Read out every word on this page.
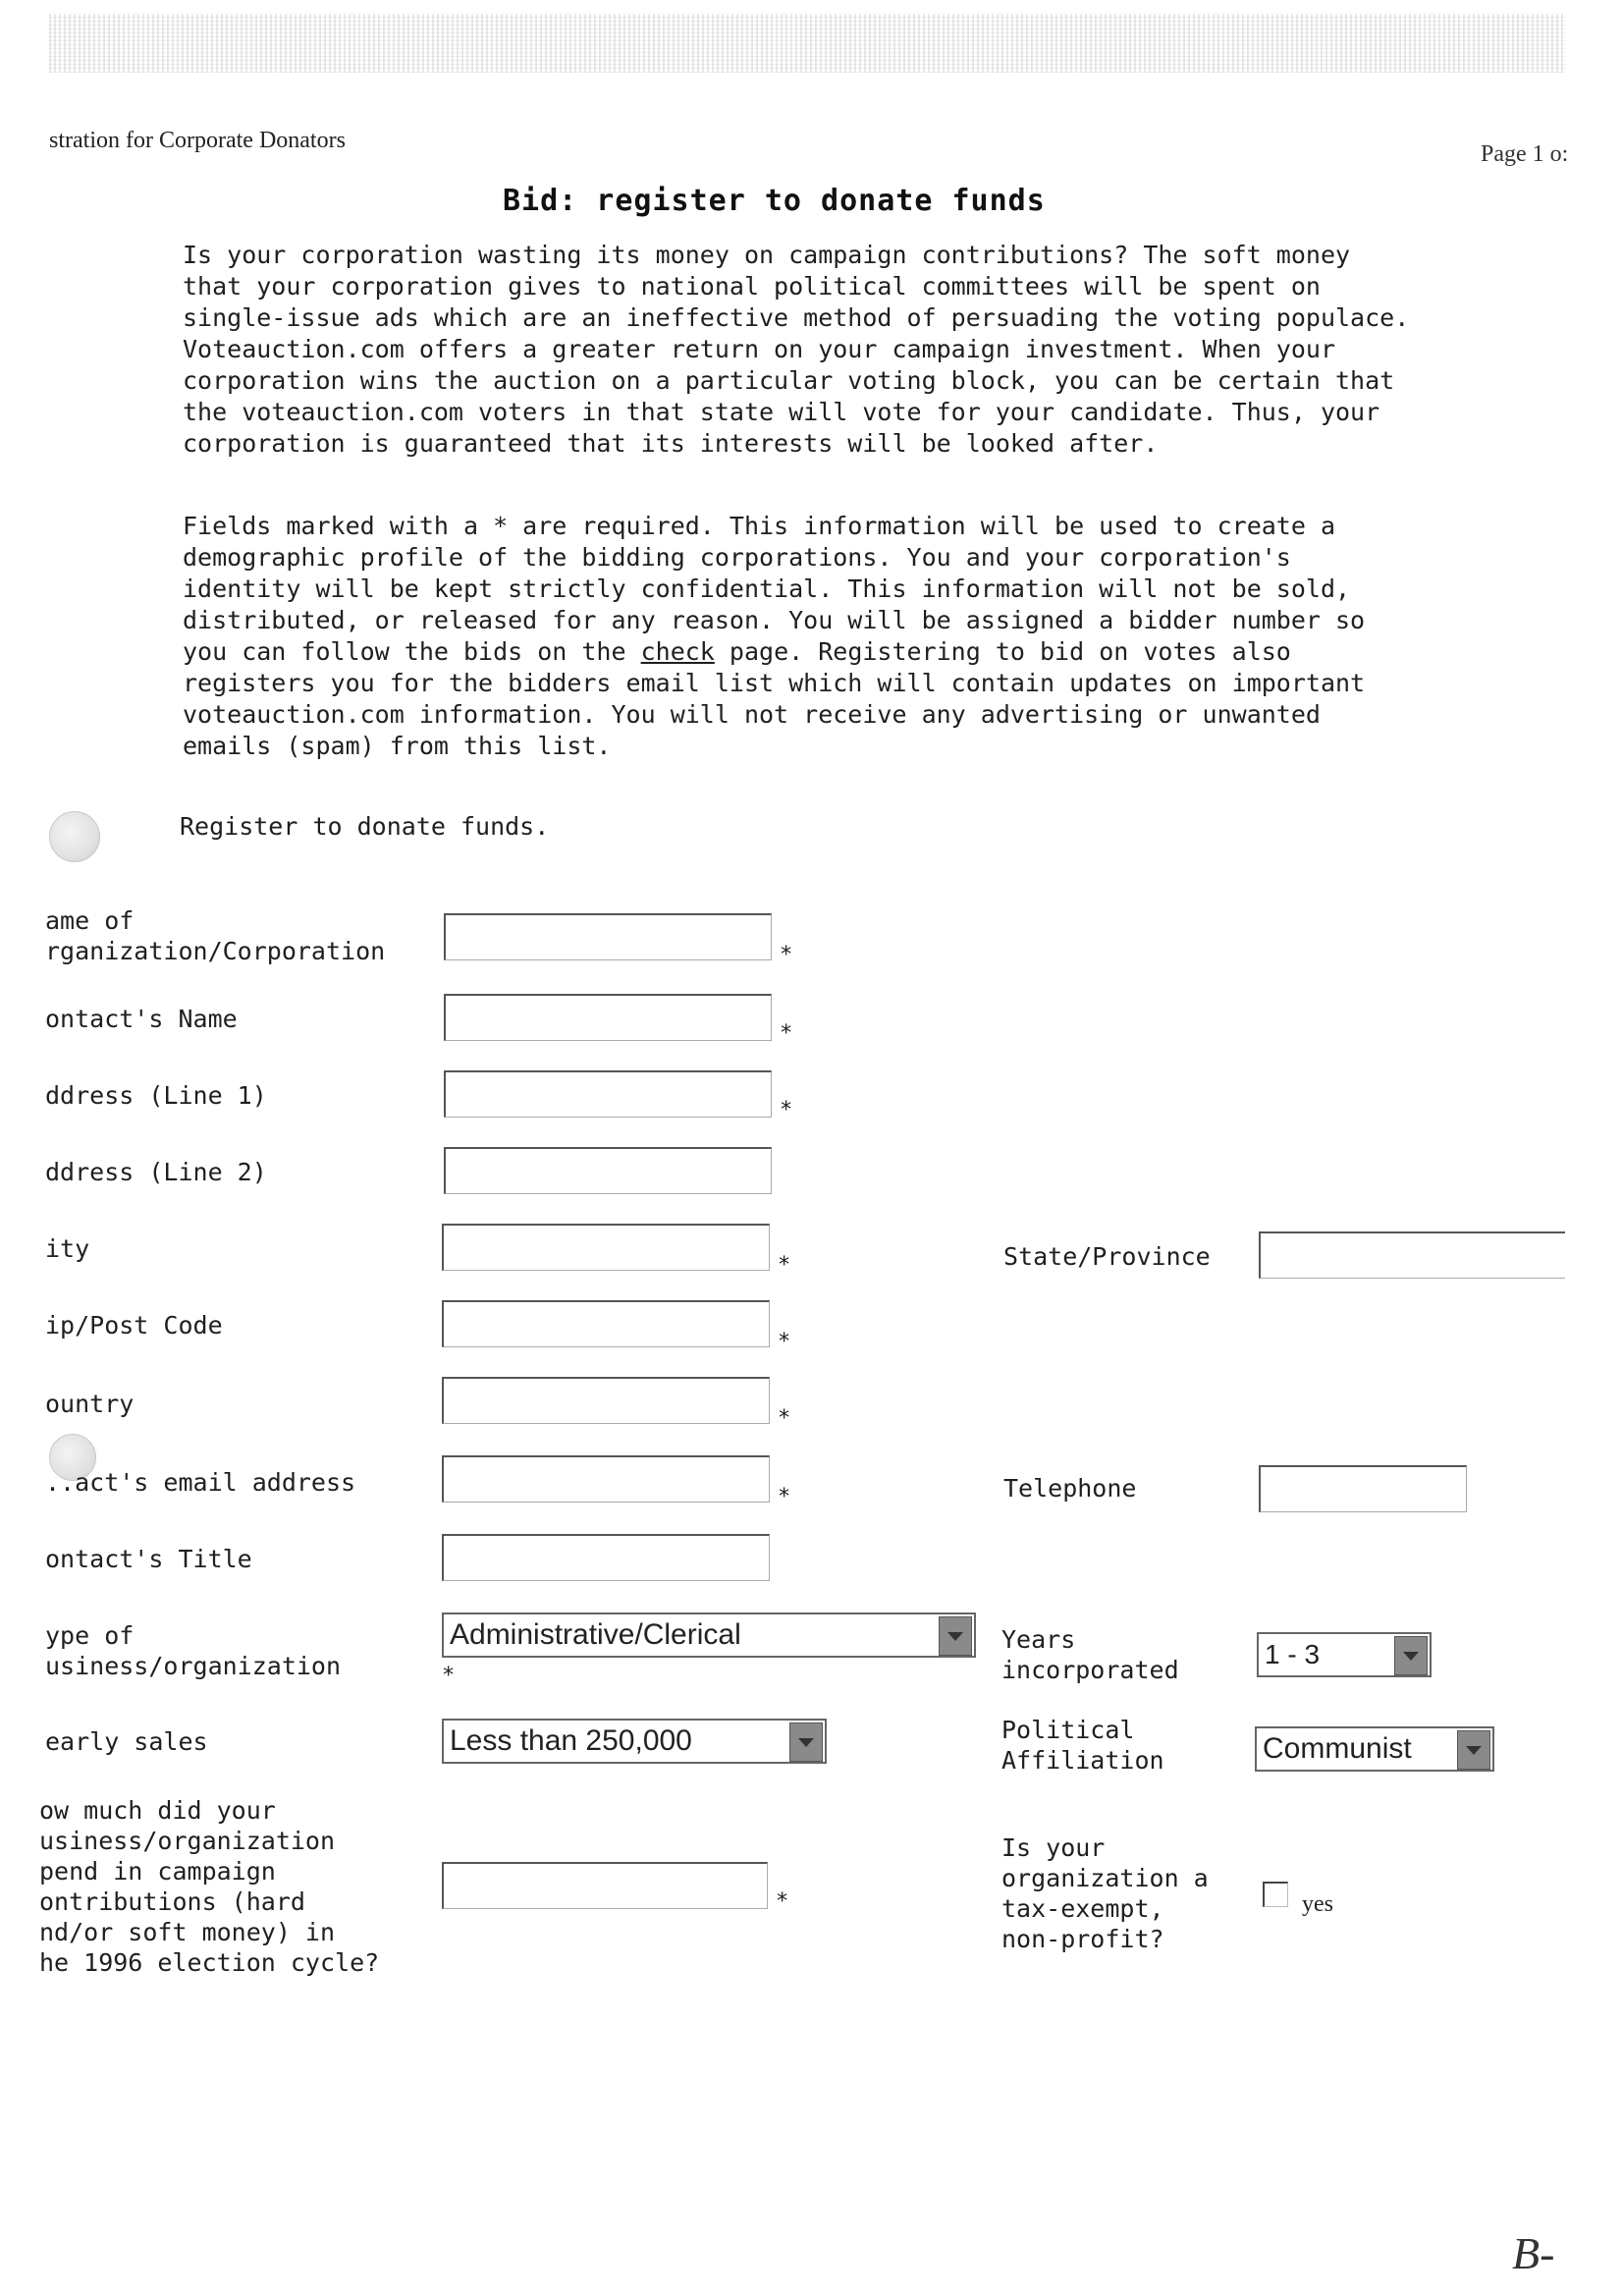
stration for Corporate Donators
Page 1 o:
Bid: register to donate funds

Is your corporation wasting its money on campaign contributions? The soft money that your corporation gives to national political committees will be spent on single-issue ads which are an ineffective method of persuading the voting populace. Voteauction.com offers a greater return on your campaign investment. When your corporation wins the auction on a particular voting block, you can be certain that the voteauction.com voters in that state will vote for your candidate. Thus, your corporation is guaranteed that its interests will be looked after.

Fields marked with a * are required. This information will be used to create a demographic profile of the bidding corporations. You and your corporation's identity will be kept strictly confidential. This information will not be sold, distributed, or released for any reason. You will be assigned a bidder number so you can follow the bids on the check page. Registering to bid on votes also registers you for the bidders email list which will contain updates on important voteauction.com information. You will not receive any advertising or unwanted emails (spam) from this list.

Register to donate funds.

ame of
rganization/Corporation
ontact's Name
ddress (Line 1)
ddress (Line 2)
ity
ip/Post Code
ountry
..act's email address
ontact's Title
ype of
usiness/organization
early sales
ow much did your
usiness/organization
pend in campaign
ontributions (hard
nd/or soft money) in
he 1996 election cycle?
*
*
*
*
*
*
*
Administrative/Clerical
*
Less than 250,000
*
State/Province
Telephone
Years
incorporated
1 - 3
Political
Affiliation	Communist
Is your
organization a
tax-exempt,
non-profit?
yes
B-
